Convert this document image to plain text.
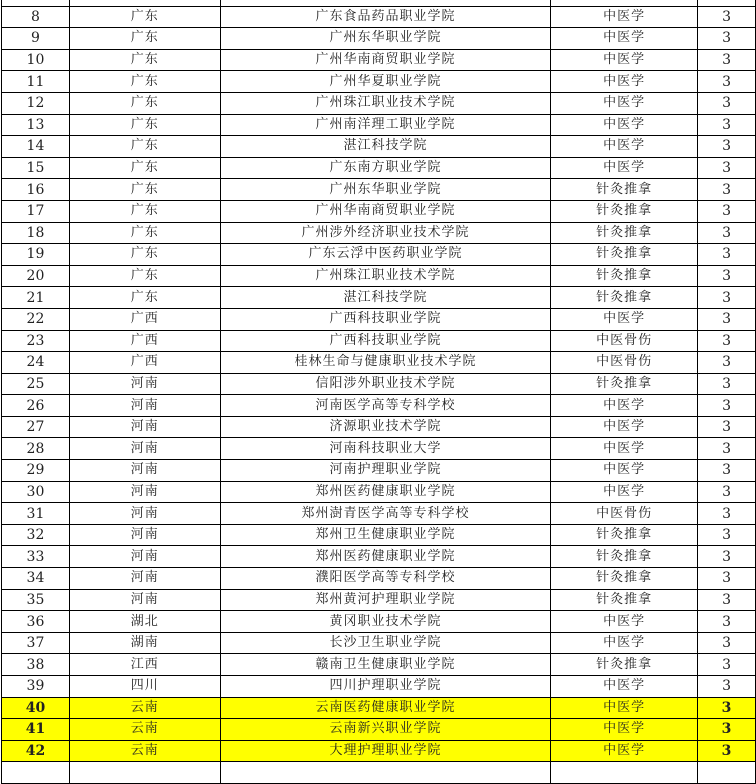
8	广东	广东食品药品职业学院	中医学	3
9	广东	广州东华职业学院	中医学	3
10	广东	广州华南商贸职业学院	中医学	3
11	广东	广州华夏职业学院	中医学	3
12	广东	广州珠江职业技术学院	中医学	3
13	广东	广州南洋理工职业学院	中医学	3
14	广东	湛江科技学院	中医学	3
15	广东	广东南方职业学院	中医学	3
16	广东	广州东华职业学院	针灸推拿	3
17	广东	广州华南商贸职业学院	针灸推拿	3
18	广东	广州涉外经济职业技术学院	针灸推拿	3
19	广东	广东云浮中医药职业学院	针灸推拿	3
20	广东	广州珠江职业技术学院	针灸推拿	3
21	广东	湛江科技学院	针灸推拿	3
22	广西	广西科技职业学院	中医学	3
23	广西	广西科技职业学院	中医骨伤	3
24	广西	桂林生命与健康职业技术学院	中医骨伤	3
25	河南	信阳涉外职业技术学院	针灸推拿	3
26	河南	河南医学高等专科学校	中医学	3
27	河南	济源职业技术学院	中医学	3
28	河南	河南科技职业大学	中医学	3
29	河南	河南护理职业学院	中医学	3
30	河南	郑州医药健康职业学院	中医学	3
31	河南	郑州澍青医学高等专科学校	中医骨伤	3
32	河南	郑州卫生健康职业学院	针灸推拿	3
33	河南	郑州医药健康职业学院	针灸推拿	3
34	河南	濮阳医学高等专科学校	针灸推拿	3
35	河南	郑州黄河护理职业学院	针灸推拿	3
36	湖北	黄冈职业技术学院	中医学	3
37	湖南	长沙卫生职业学院	中医学	3
38	江西	赣南卫生健康职业学院	针灸推拿	3
39	四川	四川护理职业学院	中医学	3
40	云南	云南医药健康职业学院	中医学	3
41	云南	云南新兴职业学院	中医学	3
42	云南	大理护理职业学院	中医学	3
